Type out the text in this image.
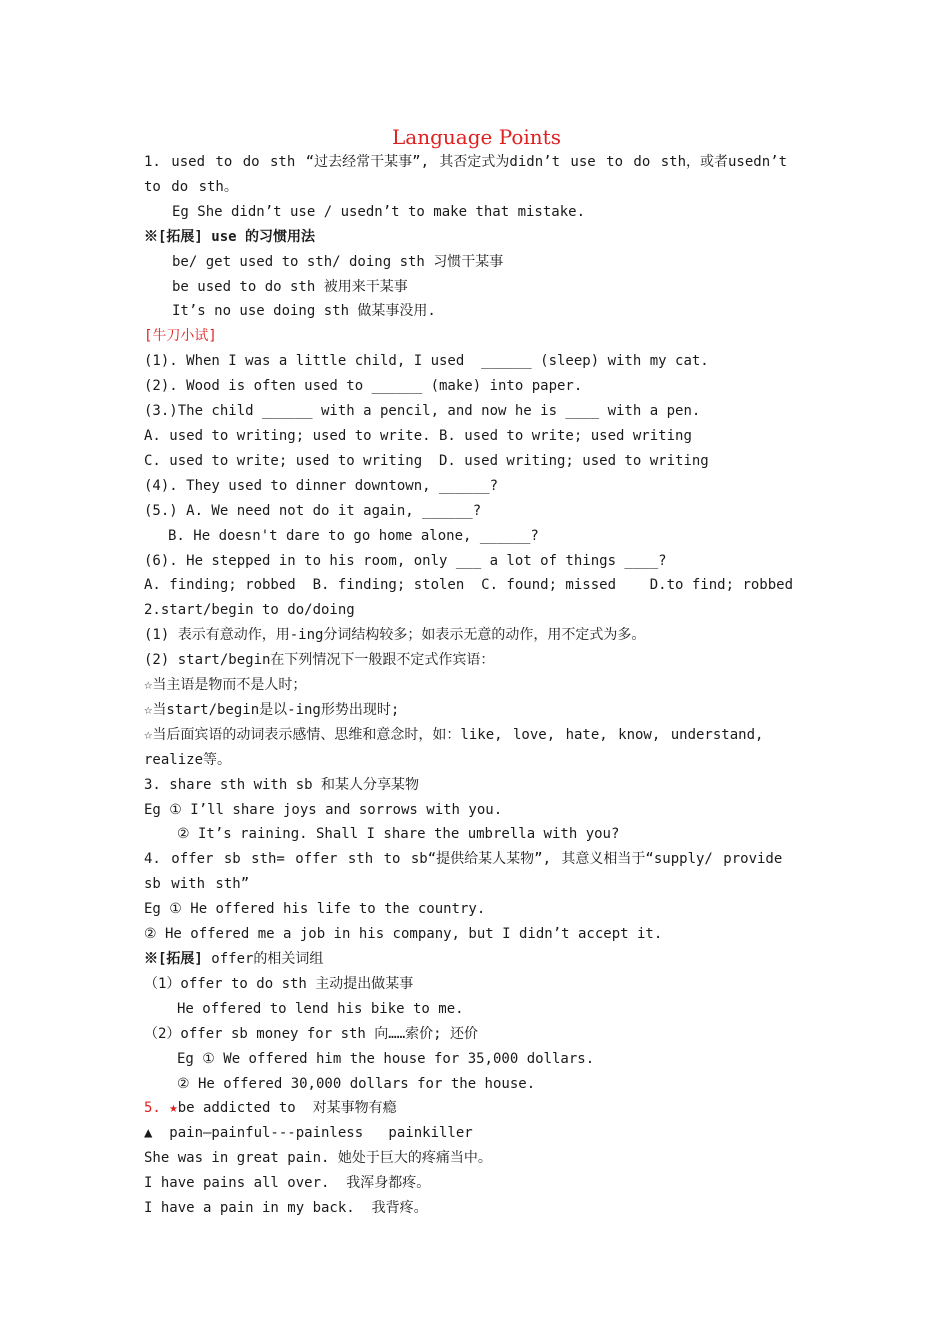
Language Points
1. used to do sth “过去经常干某事”, 其否定式为didn’t use to do sth，或者usedn’t to do sth。
Eg She didn’t use / usedn’t to make that mistake.
※[拓展] use 的习惯用法
be/ get used to sth/ doing sth 习惯干某事
be used to do sth 被用来干某事
It’s no use doing sth 做某事没用.
[牛刀小试]
(1). When I was a little child, I used  ______ (sleep) with my cat.
(2). Wood is often used to ______ (make) into paper.
(3.)The child ______ with a pencil, and now he is ____ with a pen.
A. used to writing; used to write. B. used to write; used writing
C. used to write; used to writing  D. used writing; used to writing
(4). They used to dinner downtown, ______?
(5.) A. We need not do it again, ______?
B. He doesn't dare to go home alone, ______?
(6). He stepped in to his room, only ___ a lot of things ____?
A. finding; robbed  B. finding; stolen  C. found; missed    D.to find; robbed
2.start/begin to do/doing
(1) 表示有意动作，用-ing分词结构较多；如表示无意的动作，用不定式为多。
(2) start/begin在下列情况下一般跟不定式作宾语：
☆当主语是物而不是人时；
☆当start/begin是以-ing形势出现时;
☆当后面宾语的动词表示感情、思维和意念时，如：like, love, hate, know, understand, realize等。
3. share sth with sb 和某人分享某物
Eg ① I’ll share joys and sorrows with you.
② It’s raining. Shall I share the umbrella with you?
4. offer sb sth= offer sth to sb“提供给某人某物”, 其意义相当于“supply/ provide sb with sth”
Eg ① He offered his life to the country.
② He offered me a job in his company, but I didn’t accept it.
※[拓展] offer的相关词组
（1）offer to do sth 主动提出做某事
He offered to lend his bike to me.
（2）offer sb money for sth 向……索价; 还价
Eg ① We offered him the house for 35,000 dollars.
② He offered 30,000 dollars for the house.
5. ★be addicted to  对某事物有瘾
▲  pain—painful---painless   painkiller
She was in great pain. 她处于巨大的疼痛当中。
I have pains all over.  我浑身都疼。
I have a pain in my back.  我背疼。
